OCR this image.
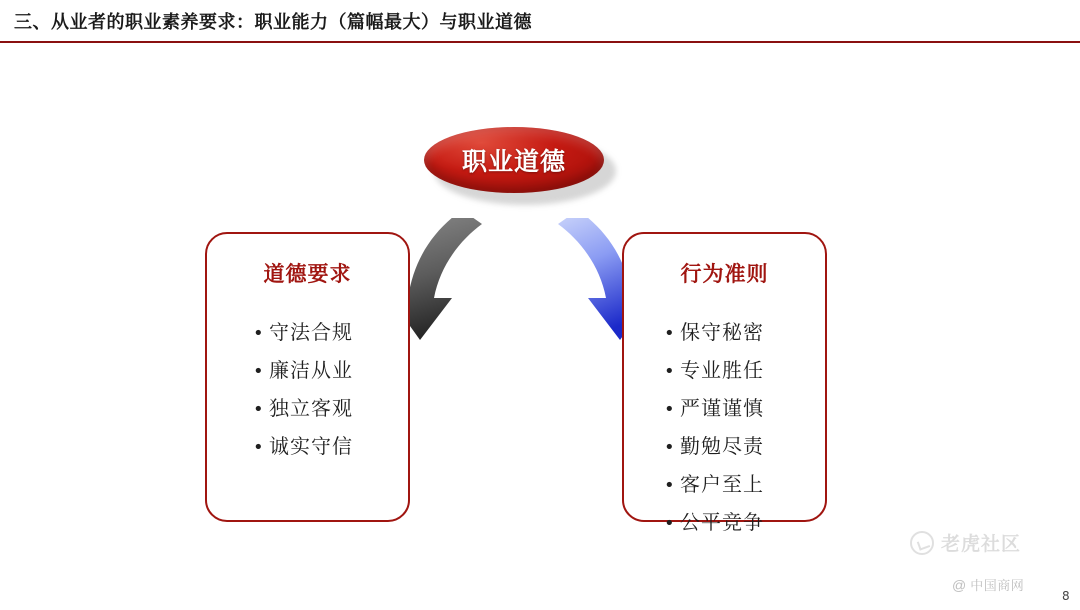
三、从业者的职业素养要求：职业能力（篇幅最大）与职业道德
职业道德
道德要求
• 守法合规
• 廉洁从业
• 独立客观
• 诚实守信
行为准则
• 保守秘密
• 专业胜任
• 严谨谨慎
• 勤勉尽责
• 客户至上
• 公平竞争
老虎社区
@ 中国商网
8
